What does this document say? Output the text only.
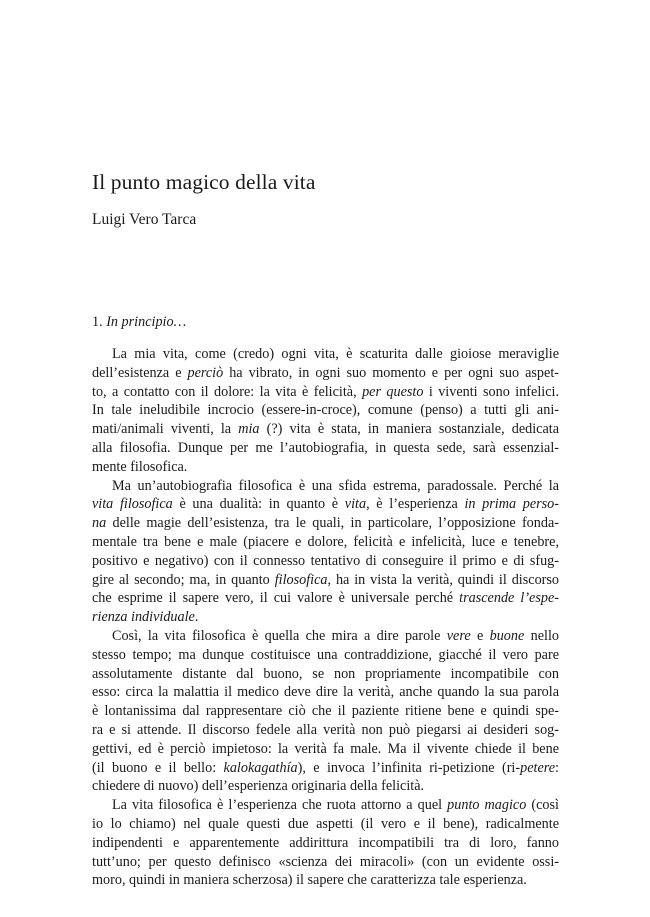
Il punto magico della vita
Luigi Vero Tarca
1. In principio…
La mia vita, come (credo) ogni vita, è scaturita dalle gioiose meraviglie
dell’esistenza e perciò ha vibrato, in ogni suo momento e per ogni suo aspet-
to, a contatto con il dolore: la vita è felicità, per questo i viventi sono infelici.
In tale ineludibile incrocio (essere-in-croce), comune (penso) a tutti gli ani-
mati/animali viventi, la mia (?) vita è stata, in maniera sostanziale, dedicata
alla filosofia. Dunque per me l’autobiografia, in questa sede, sarà essenzial-
mente filosofica.
Ma un’autobiografia filosofica è una sfida estrema, paradossale. Perché la
vita filosofica è una dualità: in quanto è vita, è l’esperienza in prima perso-
na delle magie dell’esistenza, tra le quali, in particolare, l’opposizione fonda-
mentale tra bene e male (piacere e dolore, felicità e infelicità, luce e tenebre,
positivo e negativo) con il connesso tentativo di conseguire il primo e di sfug-
gire al secondo; ma, in quanto filosofica, ha in vista la verità, quindi il discorso
che esprime il sapere vero, il cui valore è universale perché trascende l’espe-
rienza individuale.
Così, la vita filosofica è quella che mira a dire parole vere e buone nello
stesso tempo; ma dunque costituisce una contraddizione, giacché il vero pare
assolutamente distante dal buono, se non propriamente incompatibile con
esso: circa la malattia il medico deve dire la verità, anche quando la sua parola
è lontanissima dal rappresentare ciò che il paziente ritiene bene e quindi spe-
ra e si attende. Il discorso fedele alla verità non può piegarsi ai desideri sog-
gettivi, ed è perciò impietoso: la verità fa male. Ma il vivente chiede il bene
(il buono e il bello: kalokagathía), e invoca l’infinita ri-petizione (ri-petere:
chiedere di nuovo) dell’esperienza originaria della felicità.
La vita filosofica è l’esperienza che ruota attorno a quel punto magico (così
io lo chiamo) nel quale questi due aspetti (il vero e il bene), radicalmente
indipendenti e apparentemente addirittura incompatibili tra di loro, fanno
tutt’uno; per questo definisco «scienza dei miracoli» (con un evidente ossi-
moro, quindi in maniera scherzosa) il sapere che caratterizza tale esperienza.
